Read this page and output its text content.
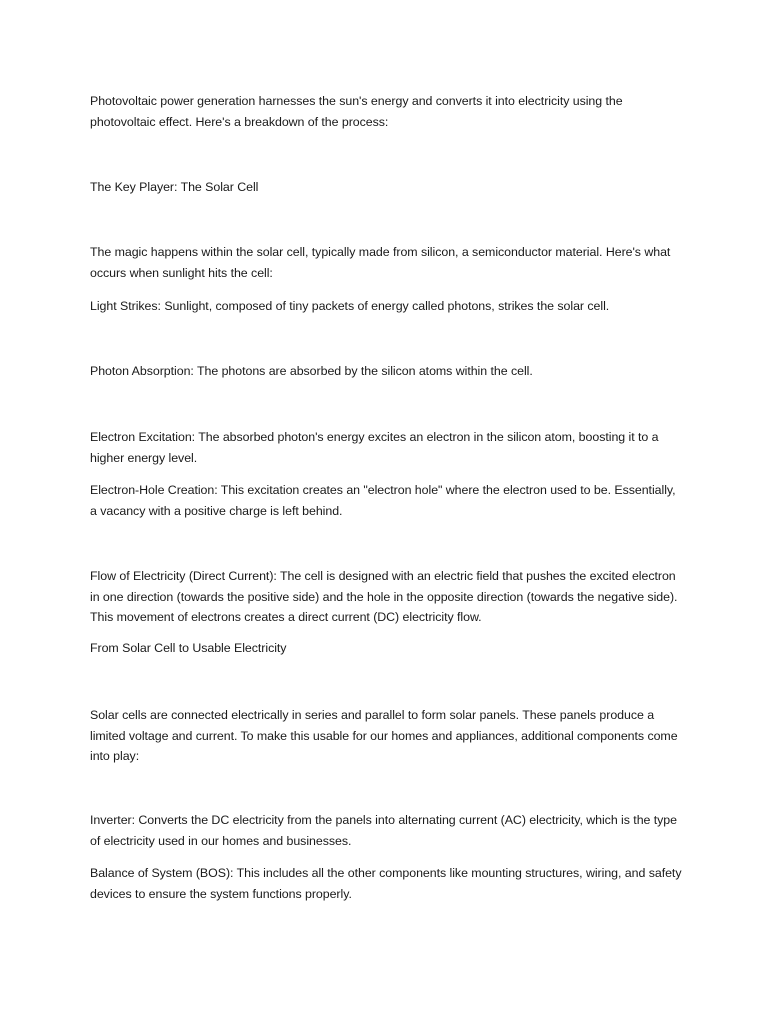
Photovoltaic power generation harnesses the sun's energy and converts it into electricity using the photovoltaic effect. Here's a breakdown of the process:

The Key Player: The Solar Cell

The magic happens within the solar cell, typically made from silicon, a semiconductor material. Here's what occurs when sunlight hits the cell:

Light Strikes: Sunlight, composed of tiny packets of energy called photons, strikes the solar cell.

Photon Absorption: The photons are absorbed by the silicon atoms within the cell.

Electron Excitation: The absorbed photon's energy excites an electron in the silicon atom, boosting it to a higher energy level.

Electron-Hole Creation: This excitation creates an "electron hole" where the electron used to be. Essentially, a vacancy with a positive charge is left behind.

Flow of Electricity (Direct Current): The cell is designed with an electric field that pushes the excited electron in one direction (towards the positive side) and the hole in the opposite direction (towards the negative side). This movement of electrons creates a direct current (DC) electricity flow.

From Solar Cell to Usable Electricity

Solar cells are connected electrically in series and parallel to form solar panels. These panels produce a limited voltage and current. To make this usable for our homes and appliances, additional components come into play:

Inverter: Converts the DC electricity from the panels into alternating current (AC) electricity, which is the type of electricity used in our homes and businesses.

Balance of System (BOS): This includes all the other components like mounting structures, wiring, and safety devices to ensure the system functions properly.
